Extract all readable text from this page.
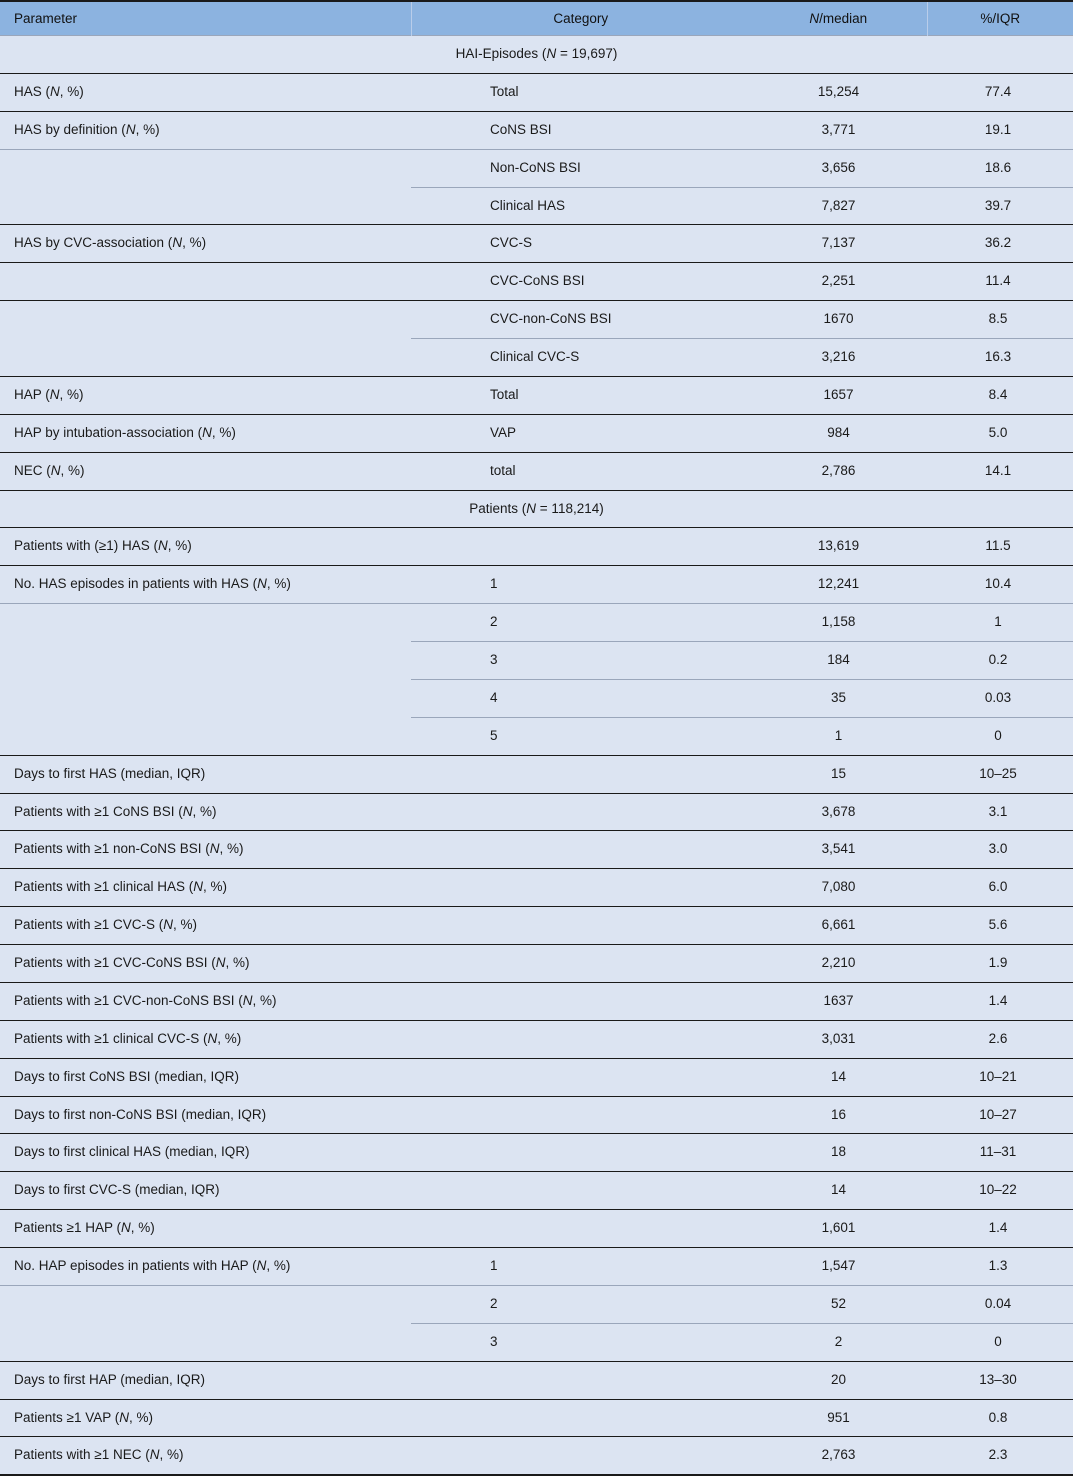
Parameter	Category	N/median	%/IQR
HAI-Episodes (N = 19,697)			
HAS (N, %)	Total	15,254	77.4
HAS by definition (N, %)	CoNS BSI	3,771	19.1
	Non-CoNS BSI	3,656	18.6
	Clinical HAS	7,827	39.7
HAS by CVC-association (N, %)	CVC-S	7,137	36.2
	CVC-CoNS BSI	2,251	11.4
	CVC-non-CoNS BSI	1670	8.5
	Clinical CVC-S	3,216	16.3
HAP (N, %)	Total	1657	8.4
HAP by intubation-association (N, %)	VAP	984	5.0
NEC (N, %)	total	2,786	14.1
Patients (N = 118,214)			
Patients with (≥1) HAS (N, %)		13,619	11.5
No. HAS episodes in patients with HAS (N, %)	1	12,241	10.4
	2	1,158	1
	3	184	0.2
	4	35	0.03
	5	1	0
Days to first HAS (median, IQR)		15	10–25
Patients with ≥1 CoNS BSI (N, %)		3,678	3.1
Patients with ≥1 non-CoNS BSI (N, %)		3,541	3.0
Patients with ≥1 clinical HAS (N, %)		7,080	6.0
Patients with ≥1 CVC-S (N, %)		6,661	5.6
Patients with ≥1 CVC-CoNS BSI (N, %)		2,210	1.9
Patients with ≥1 CVC-non-CoNS BSI (N, %)		1637	1.4
Patients with ≥1 clinical CVC-S (N, %)		3,031	2.6
Days to first CoNS BSI (median, IQR)		14	10–21
Days to first non-CoNS BSI (median, IQR)		16	10–27
Days to first clinical HAS (median, IQR)		18	11–31
Days to first CVC-S (median, IQR)		14	10–22
Patients ≥1 HAP (N, %)		1,601	1.4
No. HAP episodes in patients with HAP (N, %)	1	1,547	1.3
	2	52	0.04
	3	2	0
Days to first HAP (median, IQR)		20	13–30
Patients ≥1 VAP (N, %)		951	0.8
Patients with ≥1 NEC (N, %)		2,763	2.3
